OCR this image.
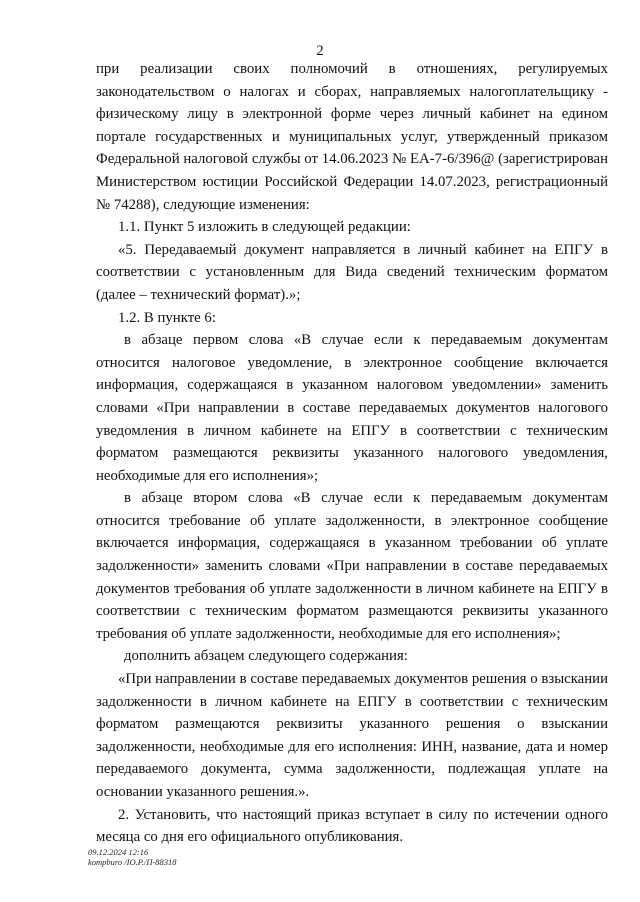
2

при реализации своих полномочий в отношениях, регулируемых законодательством о налогах и сборах, направляемых налогоплательщику - физическому лицу в электронной форме через личный кабинет на едином портале государственных и муниципальных услуг, утвержденный приказом Федеральной налоговой службы от 14.06.2023 № ЕА-7-6/396@ (зарегистрирован Министерством юстиции Российской Федерации 14.07.2023, регистрационный № 74288), следующие изменения:

1.1. Пункт 5 изложить в следующей редакции:

«5. Передаваемый документ направляется в личный кабинет на ЕПГУ в соответствии с установленным для Вида сведений техническим форматом (далее – технический формат).»;

1.2. В пункте 6:

в абзаце первом слова «В случае если к передаваемым документам относится налоговое уведомление, в электронное сообщение включается информация, содержащаяся в указанном налоговом уведомлении» заменить словами «При направлении в составе передаваемых документов налогового уведомления в личном кабинете на ЕПГУ в соответствии с техническим форматом размещаются реквизиты указанного налогового уведомления, необходимые для его исполнения»;

в абзаце втором слова «В случае если к передаваемым документам относится требование об уплате задолженности, в электронное сообщение включается информация, содержащаяся в указанном требовании об уплате задолженности» заменить словами «При направлении в составе передаваемых документов требования об уплате задолженности в личном кабинете на ЕПГУ в соответствии с техническим форматом размещаются реквизиты указанного требования об уплате задолженности, необходимые для его исполнения»;

дополнить абзацем следующего содержания:

«При направлении в составе передаваемых документов решения о взыскании задолженности в личном кабинете на ЕПГУ в соответствии с техническим форматом размещаются реквизиты указанного решения о взыскании задолженности, необходимые для его исполнения: ИНН, название, дата и номер передаваемого документа, сумма задолженности, подлежащая уплате на основании указанного решения.».

2. Установить, что настоящий приказ вступает в силу по истечении одного месяца со дня его официального опубликования.

09.12.2024 12:16
kompburo /IO.P./П-88318
